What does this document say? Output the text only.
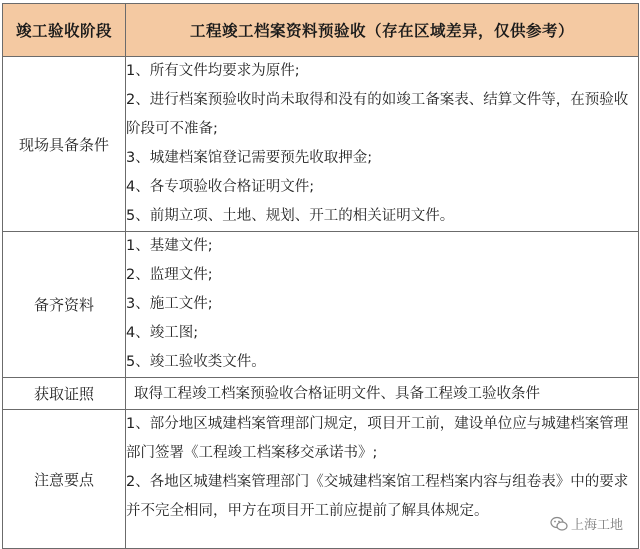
竣工验收阶段	工程竣工档案资料预验收（存在区域差异，仅供参考）
现场具备条件	1、所有文件均要求为原件;
2、进行档案预验收时尚未取得和没有的如竣工备案表、结算文件等，在预验收阶段可不准备;
3、城建档案馆登记需要预先收取押金;
4、各专项验收合格证明文件;
5、前期立项、土地、规划、开工的相关证明文件。

备齐资料	1、基建文件;
2、监理文件;
3、施工文件;
4、竣工图;
5、竣工验收类文件。

获取证照	取得工程竣工档案预验收合格证明文件、具备工程竣工验收条件

注意要点	1、部分地区城建档案管理部门规定，项目开工前，建设单位应与城建档案管理部门签署《工程竣工档案移交承诺书》;
2、各地区城建档案管理部门《交城建档案馆工程档案内容与组卷表》中的要求并不完全相同，甲方在项目开工前应提前了解具体规定。
上海工地
